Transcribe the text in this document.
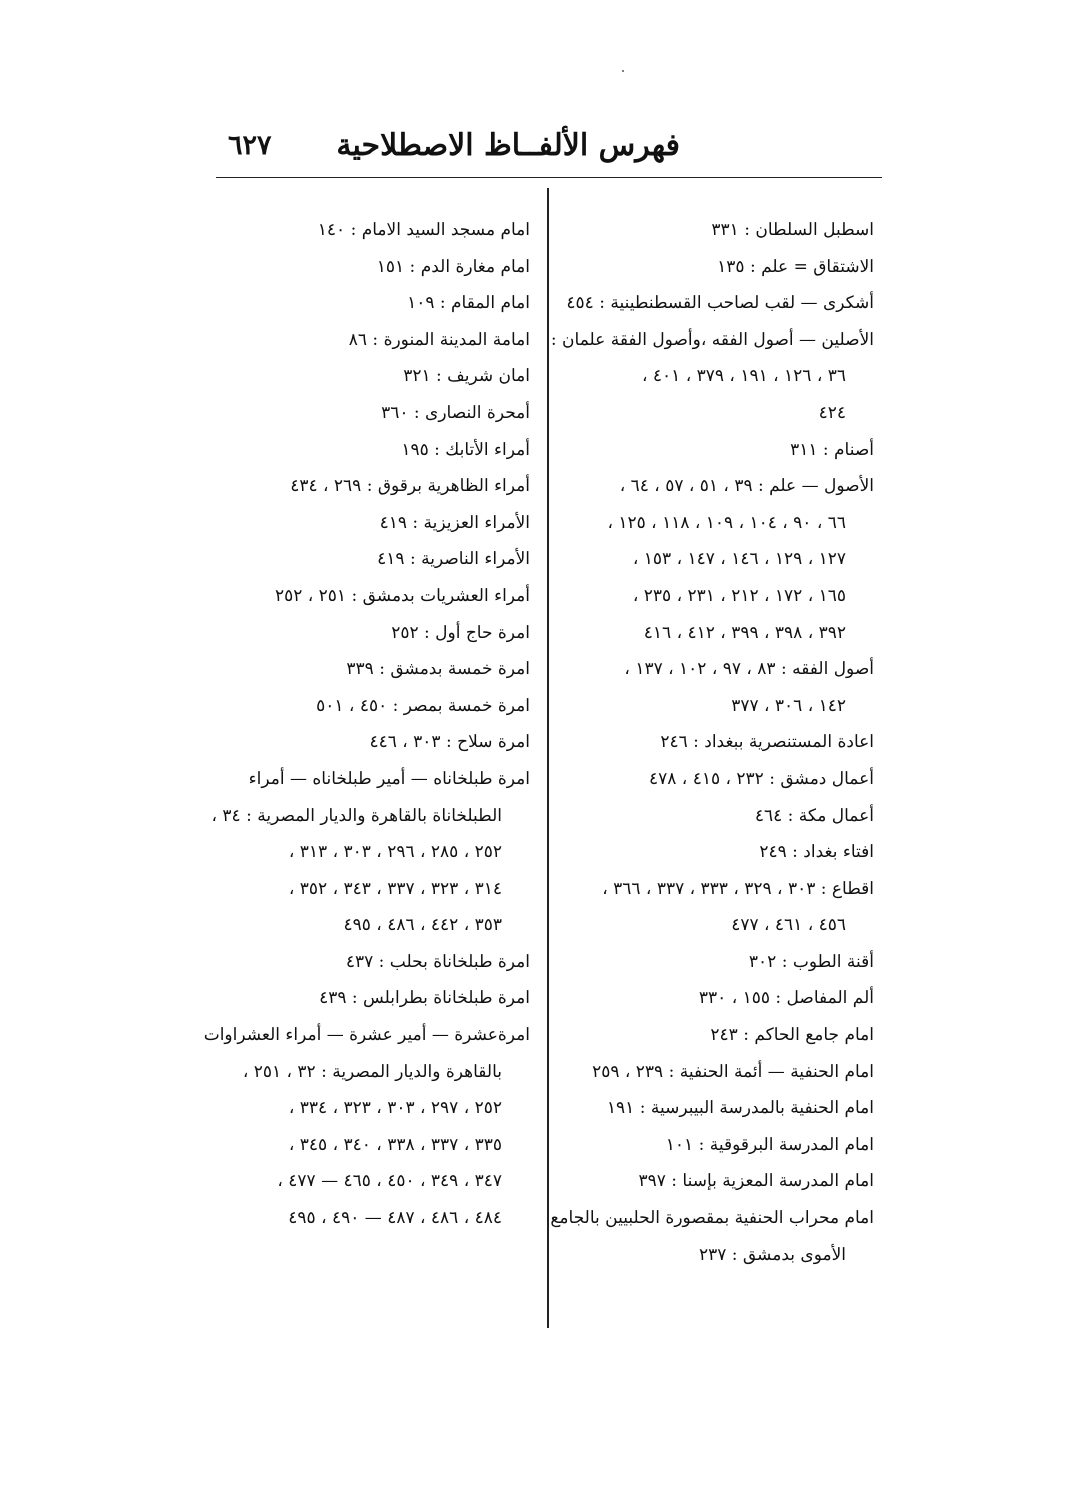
فهرس الألفــاظ الاصطلاحية
٦٢٧
اسطبل السلطان : ٣٣١
الاشتقاق = علم : ١٣٥
أشكرى — لقب لصاحب القسطنطينية : ٤٥٤
الأصلين — أصول الفقه ،وأصول الفقة علمان :
٣٦ ، ١٢٦ ، ١٩١ ، ٣٧٩ ، ٤٠١ ،
٤٢٤
أصنام : ٣١١
الأصول — علم : ٣٩ ، ٥١ ، ٥٧ ، ٦٤ ،
٦٦ ، ٩٠ ، ١٠٤ ، ١٠٩ ، ١١٨ ، ١٢٥ ،
١٢٧ ، ١٢٩ ، ١٤٦ ، ١٤٧ ، ١٥٣ ،
١٦٥ ، ١٧٢ ، ٢١٢ ، ٢٣١ ، ٢٣٥ ،
٣٩٢ ، ٣٩٨ ، ٣٩٩ ، ٤١٢ ، ٤١٦
أصول الفقه : ٨٣ ، ٩٧ ، ١٠٢ ، ١٣٧ ،
١٤٢ ، ٣٠٦ ، ٣٧٧
اعادة المستنصرية ببغداد : ٢٤٦
أعمال دمشق : ٢٣٢ ، ٤١٥ ، ٤٧٨
أعمال مكة : ٤٦٤
افتاء بغداد : ٢٤٩
اقطاع : ٣٠٣ ، ٣٢٩ ، ٣٣٣ ، ٣٣٧ ، ٣٦٦ ،
٤٥٦ ، ٤٦١ ، ٤٧٧
أقنة الطوب : ٣٠٢
ألم المفاصل : ١٥٥ ، ٣٣٠
امام جامع الحاكم : ٢٤٣
امام الحنفية — أئمة الحنفية : ٢٣٩ ، ٢٥٩
امام الحنفية بالمدرسة البيبرسية : ١٩١
امام المدرسة البرقوقية : ١٠١
امام المدرسة المعزية بإسنا : ٣٩٧
امام محراب الحنفية بمقصورة الحلبيين بالجامع
الأموى بدمشق : ٢٣٧
امام مسجد السيد الامام : ١٤٠
امام مغارة الدم : ١٥١
امام المقام : ١٠٩
امامة المدينة المنورة : ٨٦
امان شريف : ٣٢١
أمحرة النصارى : ٣٦٠
أمراء الأتابك : ١٩٥
أمراء الظاهرية برقوق : ٢٦٩ ، ٤٣٤
الأمراء العزيزية : ٤١٩
الأمراء الناصرية : ٤١٩
أمراء العشريات بدمشق : ٢٥١ ، ٢٥٢
امرة حاج أول : ٢٥٢
امرة خمسة بدمشق : ٣٣٩
امرة خمسة بمصر : ٤٥٠ ، ٥٠١
امرة سلاح : ٣٠٣ ، ٤٤٦
امرة طبلخاناه — أمير طبلخاناه — أمراء
الطبلخاناة بالقاهرة والديار المصرية : ٣٤ ،
٢٥٢ ، ٢٨٥ ، ٢٩٦ ، ٣٠٣ ، ٣١٣ ،
٣١٤ ، ٣٢٣ ، ٣٣٧ ، ٣٤٣ ، ٣٥٢ ،
٣٥٣ ، ٤٤٢ ، ٤٨٦ ، ٤٩٥
امرة طبلخاناة بحلب : ٤٣٧
امرة طبلخاناة بطرابلس : ٤٣٩
امرةعشرة — أمير عشرة — أمراء العشراوات
بالقاهرة والديار المصرية : ٣٢ ، ٢٥١ ،
٢٥٢ ، ٢٩٧ ، ٣٠٣ ، ٣٢٣ ، ٣٣٤ ،
٣٣٥ ، ٣٣٧ ، ٣٣٨ ، ٣٤٠ ، ٣٤٥ ،
٣٤٧ ، ٣٤٩ ، ٤٥٠ ، ٤٦٥ — ٤٧٧ ،
٤٨٤ ، ٤٨٦ ، ٤٨٧ — ٤٩٠ ، ٤٩٥
